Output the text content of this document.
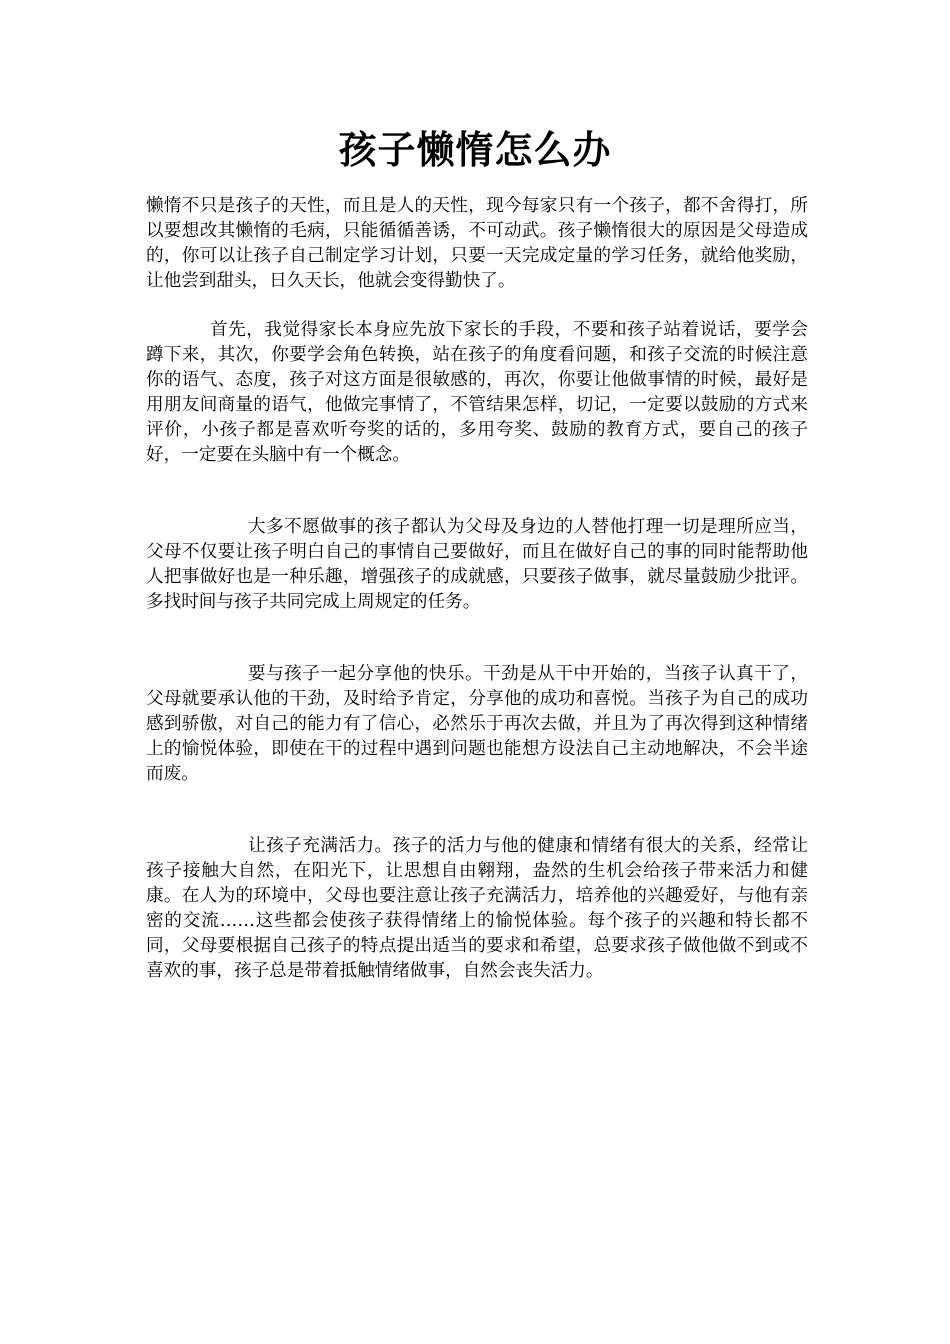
孩子懒惰怎么办

懒惰不只是孩子的天性，而且是人的天性，现今每家只有一个孩子，都不舍得打，所以要想改其懒惰的毛病，只能循循善诱，不可动武。孩子懒惰很大的原因是父母造成的，你可以让孩子自己制定学习计划，只要一天完成定量的学习任务，就给他奖励，让他尝到甜头，日久天长，他就会变得勤快了。

首先，我觉得家长本身应先放下家长的手段，不要和孩子站着说话，要学会蹲下来，其次，你要学会角色转换，站在孩子的角度看问题，和孩子交流的时候注意你的语气、态度，孩子对这方面是很敏感的，再次，你要让他做事情的时候，最好是用朋友间商量的语气，他做完事情了，不管结果怎样，切记，一定要以鼓励的方式来评价，小孩子都是喜欢听夸奖的话的，多用夸奖、鼓励的教育方式，要自己的孩子好，一定要在头脑中有一个概念。

大多不愿做事的孩子都认为父母及身边的人替他打理一切是理所应当，父母不仅要让孩子明白自己的事情自己要做好，而且在做好自己的事的同时能帮助他人把事做好也是一种乐趣，增强孩子的成就感，只要孩子做事，就尽量鼓励少批评。多找时间与孩子共同完成上周规定的任务。

要与孩子一起分享他的快乐。干劲是从干中开始的，当孩子认真干了，父母就要承认他的干劲，及时给予肯定，分享他的成功和喜悦。当孩子为自己的成功感到骄傲，对自己的能力有了信心，必然乐于再次去做，并且为了再次得到这种情绪上的愉悦体验，即使在干的过程中遇到问题也能想方设法自己主动地解决，不会半途而废。

让孩子充满活力。孩子的活力与他的健康和情绪有很大的关系，经常让孩子接触大自然，在阳光下，让思想自由翱翔，盎然的生机会给孩子带来活力和健康。在人为的环境中，父母也要注意让孩子充满活力，培养他的兴趣爱好，与他有亲密的交流……这些都会使孩子获得情绪上的愉悦体验。每个孩子的兴趣和特长都不同，父母要根据自己孩子的特点提出适当的要求和希望，总要求孩子做他做不到或不喜欢的事，孩子总是带着抵触情绪做事，自然会丧失活力。
